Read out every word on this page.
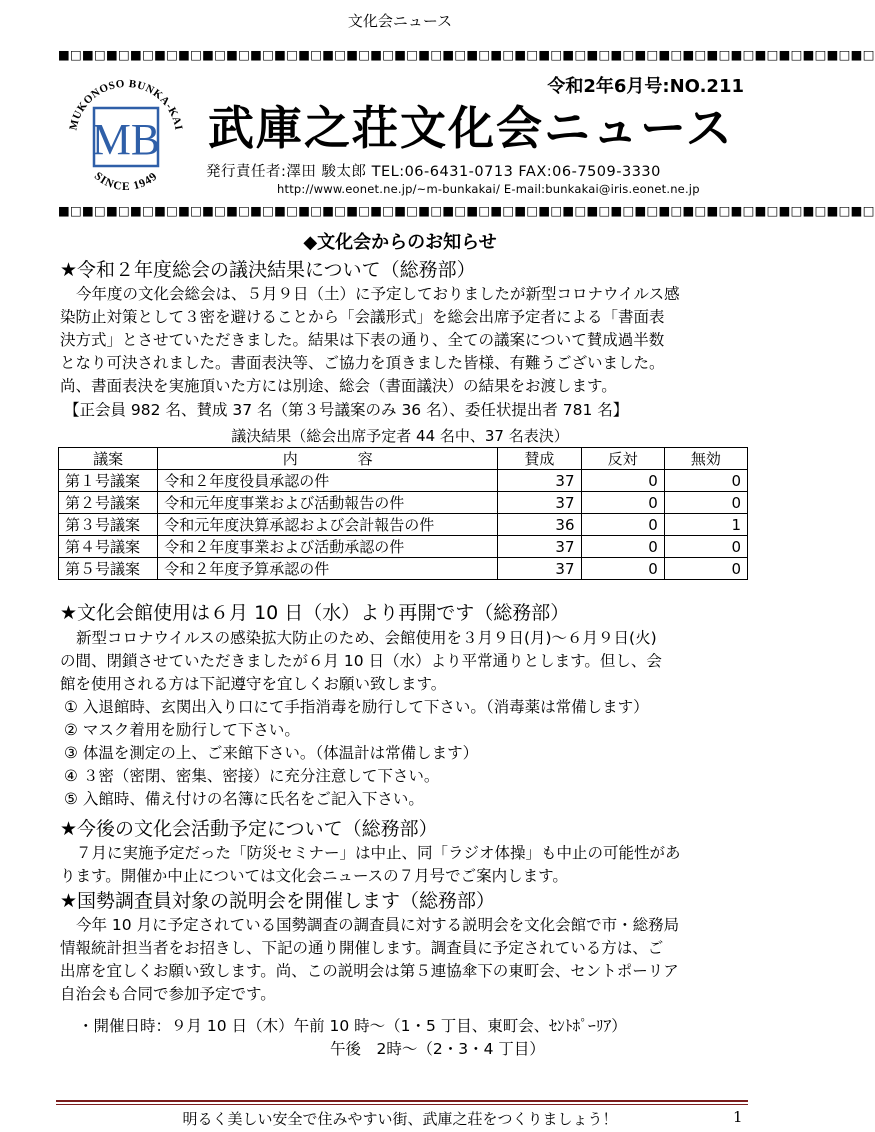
文化会ニュース
■□■□■□■□■□■□■□■□■□■□■□■□■□■□■□■□■□■□■□■□■□■□■□■□■□■□■□■□■□■□■□■□■□■□
令和2年6月号:NO.211
MB
MUKONOSO BUNKA-KAI
SINCE 1949
武庫之荘文化会ニュース
発行責任者:澤田 駿太郎 TEL:06-6431-0713 FAX:06-7509-3330
http://www.eonet.ne.jp/~m-bunkakai/ E-mail:bunkakai@iris.eonet.ne.jp
■□■□■□■□■□■□■□■□■□■□■□■□■□■□■□■□■□■□■□■□■□■□■□■□■□■□■□■□■□■□■□■□■□■□
◆文化会からのお知らせ
★令和２年度総会の議決結果について（総務部）
今年度の文化会総会は、５月９日（土）に予定しておりましたが新型コロナウイルス感
染防止対策として３密を避けることから「会議形式」を総会出席予定者による「書面表
決方式」とさせていただきました。結果は下表の通り、全ての議案について賛成過半数
となり可決されました。書面表決等、ご協力を頂きました皆様、有難うございました。
尚、書面表決を実施頂いた方には別途、総会（書面議決）の結果をお渡します。
【正会員 982 名、賛成 37 名（第３号議案のみ 36 名）、委任状提出者 781 名】
議決結果（総会出席予定者 44 名中、37 名表決）
議案	内　　　　容	賛成	反対	無効
第１号議案	令和２年度役員承認の件	37	0	0
第２号議案	令和元年度事業および活動報告の件	37	0	0
第３号議案	令和元年度決算承認および会計報告の件	36	0	1
第４号議案	令和２年度事業および活動承認の件	37	0	0
第５号議案	令和２年度予算承認の件	37	0	0
★文化会館使用は６月 10 日（水）より再開です（総務部）
新型コロナウイルスの感染拡大防止のため、会館使用を３月９日(月)～６月９日(火)
の間、閉鎖させていただきましたが６月 10 日（水）より平常通りとします。但し、会
館を使用される方は下記遵守を宜しくお願い致します。
① 入退館時、玄関出入り口にて手指消毒を励行して下さい。（消毒薬は常備します）
② マスク着用を励行して下さい。
③ 体温を測定の上、ご来館下さい。（体温計は常備します）
④ ３密（密閉、密集、密接）に充分注意して下さい。
⑤ 入館時、備え付けの名簿に氏名をご記入下さい。
★今後の文化会活動予定について（総務部）
７月に実施予定だった「防災セミナー」は中止、同「ラジオ体操」も中止の可能性があ
ります。開催か中止については文化会ニュースの７月号でご案内します。
★国勢調査員対象の説明会を開催します（総務部）
今年 10 月に予定されている国勢調査の調査員に対する説明会を文化会館で市・総務局
情報統計担当者をお招きし、下記の通り開催します。調査員に予定されている方は、ご
出席を宜しくお願い致します。尚、この説明会は第５連協傘下の東町会、セントポーリア
自治会も合同で参加予定です。
・開催日時：９月 10 日（木）午前 10 時～（1・5 丁目、東町会、ｾﾝﾄﾎﾟｰﾘｱ）
午後　2時～（2・3・4 丁目）
明るく美しい安全で住みやすい街、武庫之荘をつくりましょう！	1
